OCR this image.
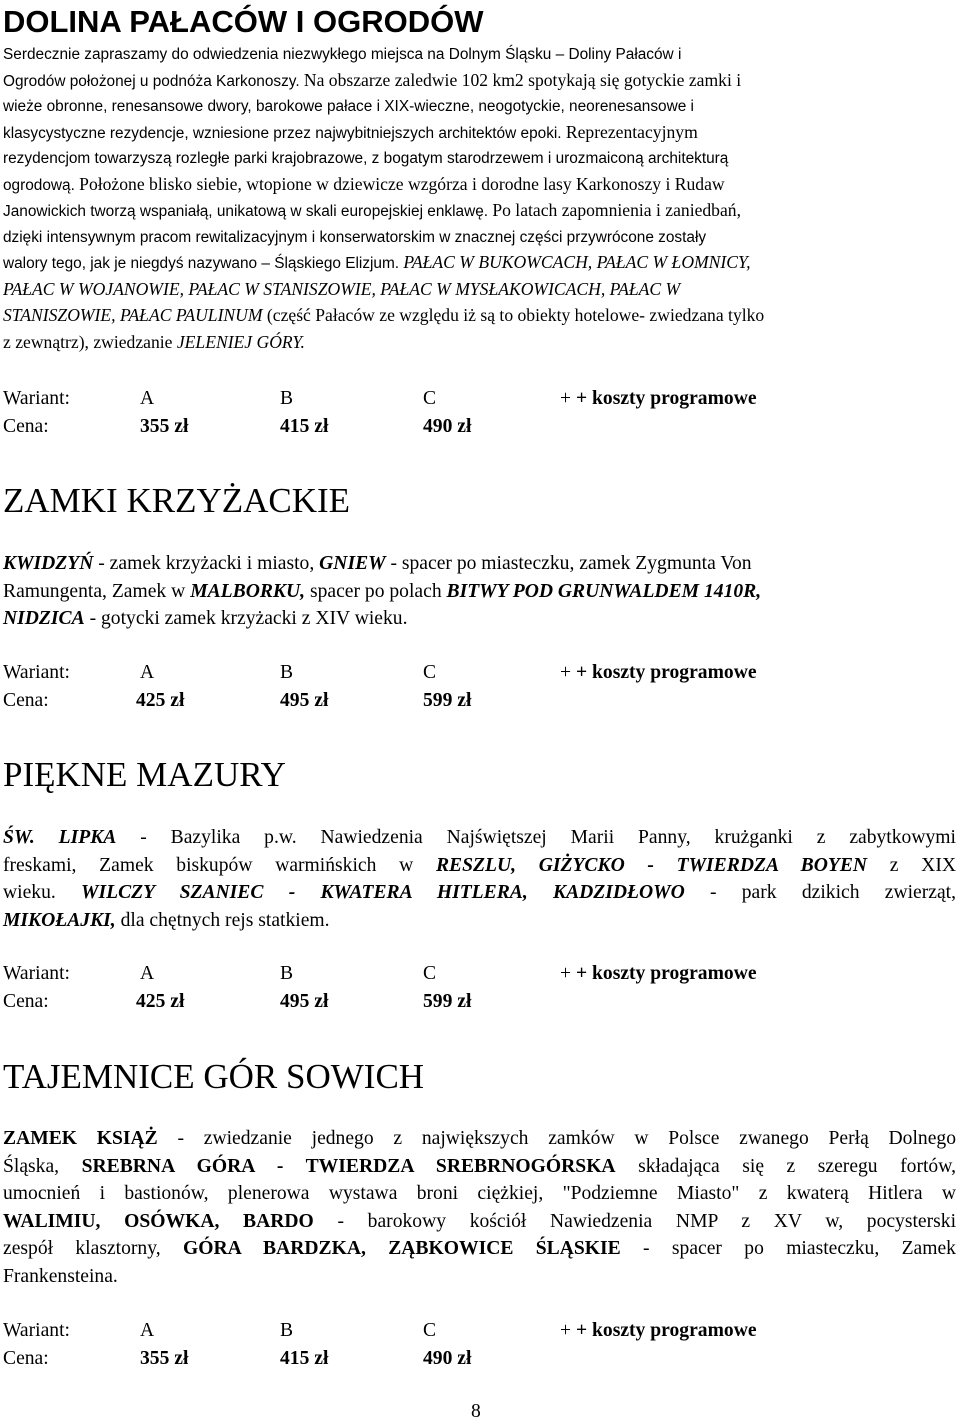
DOLINA PAŁACÓW I OGRODÓW
Serdecznie zapraszamy do odwiedzenia niezwykłego miejsca na Dolnym Śląsku – Doliny Pałaców i
Ogrodów położonej u podnóża Karkonoszy. Na obszarze zaledwie 102 km2 spotykają się gotyckie zamki i
wieże obronne, renesansowe dwory, barokowe pałace i XIX-wieczne, neogotyckie, neorenesansowe i
klasycystyczne rezydencje, wzniesione przez najwybitniejszych architektów epoki. Reprezentacyjnym
rezydencjom towarzyszą rozległe parki krajobrazowe, z bogatym starodrzewem i urozmaiconą architekturą
ogrodową. Położone blisko siebie, wtopione w dziewicze wzgórza i dorodne lasy Karkonoszy i Rudaw
Janowickich tworzą wspaniałą, unikatową w skali europejskiej enklawę. Po latach zapomnienia i zaniedbań,
dzięki intensywnym pracom rewitalizacyjnym i konserwatorskim w znacznej części przywrócone zostały
walory tego, jak je niegdyś nazywano – Śląskiego Elizjum. PAŁAC W BUKOWCACH, PAŁAC W ŁOMNICY,
PAŁAC W WOJANOWIE, PAŁAC W STANISZOWIE, PAŁAC W MYSŁAKOWICACH, PAŁAC W
STANISZOWIE, PAŁAC PAULINUM (część Pałaców ze względu iż są to obiekty hotelowe- zwiedzana tylko
z zewnątrz), zwiedzanie JELENIEJ GÓRY.
Wariant:	A	B	C	+ + koszty programowe
Cena:	355 zł	415 zł	490 zł
ZAMKI KRZYŻACKIE
KWIDZYŃ - zamek krzyżacki i miasto, GNIEW - spacer po miasteczku, zamek Zygmunta Von
Ramungenta, Zamek w MALBORKU, spacer po polach BITWY POD GRUNWALDEM 1410R,
NIDZICA - gotycki zamek krzyżacki z XIV wieku.
Wariant:	A	B	C	+ + koszty programowe
Cena:	425 zł	495 zł	599 zł
PIĘKNE MAZURY
ŚW. LIPKA - Bazylika p.w. Nawiedzenia Najświętszej Marii Panny, krużganki z zabytkowymi
freskami, Zamek biskupów warmińskich w RESZLU, GIŻYCKO - TWIERDZA BOYEN z XIX
wieku. WILCZY SZANIEC - KWATERA HITLERA, KADZIDŁOWO - park dzikich zwierząt,
MIKOŁAJKI, dla chętnych rejs statkiem.
Wariant:	A	B	C	+ + koszty programowe
Cena:	425 zł	495 zł	599 zł
TAJEMNICE GÓR SOWICH
ZAMEK KSIĄŻ - zwiedzanie jednego z największych zamków w Polsce zwanego Perłą Dolnego
Śląska, SREBRNA GÓRA - TWIERDZA SREBRNOGÓRSKA składająca się z szeregu fortów,
umocnień i bastionów, plenerowa wystawa broni ciężkiej, "Podziemne Miasto" z kwaterą Hitlera w
WALIMIU, OSÓWKA, BARDO - barokowy kościół Nawiedzenia NMP z XV w, pocysterski
zespół klasztorny, GÓRA BARDZKA, ZĄBKOWICE ŚLĄSKIE - spacer po miasteczku, Zamek
Frankensteina.
Wariant:	A	B	C	+ + koszty programowe
Cena:	355 zł	415 zł	490 zł
8
